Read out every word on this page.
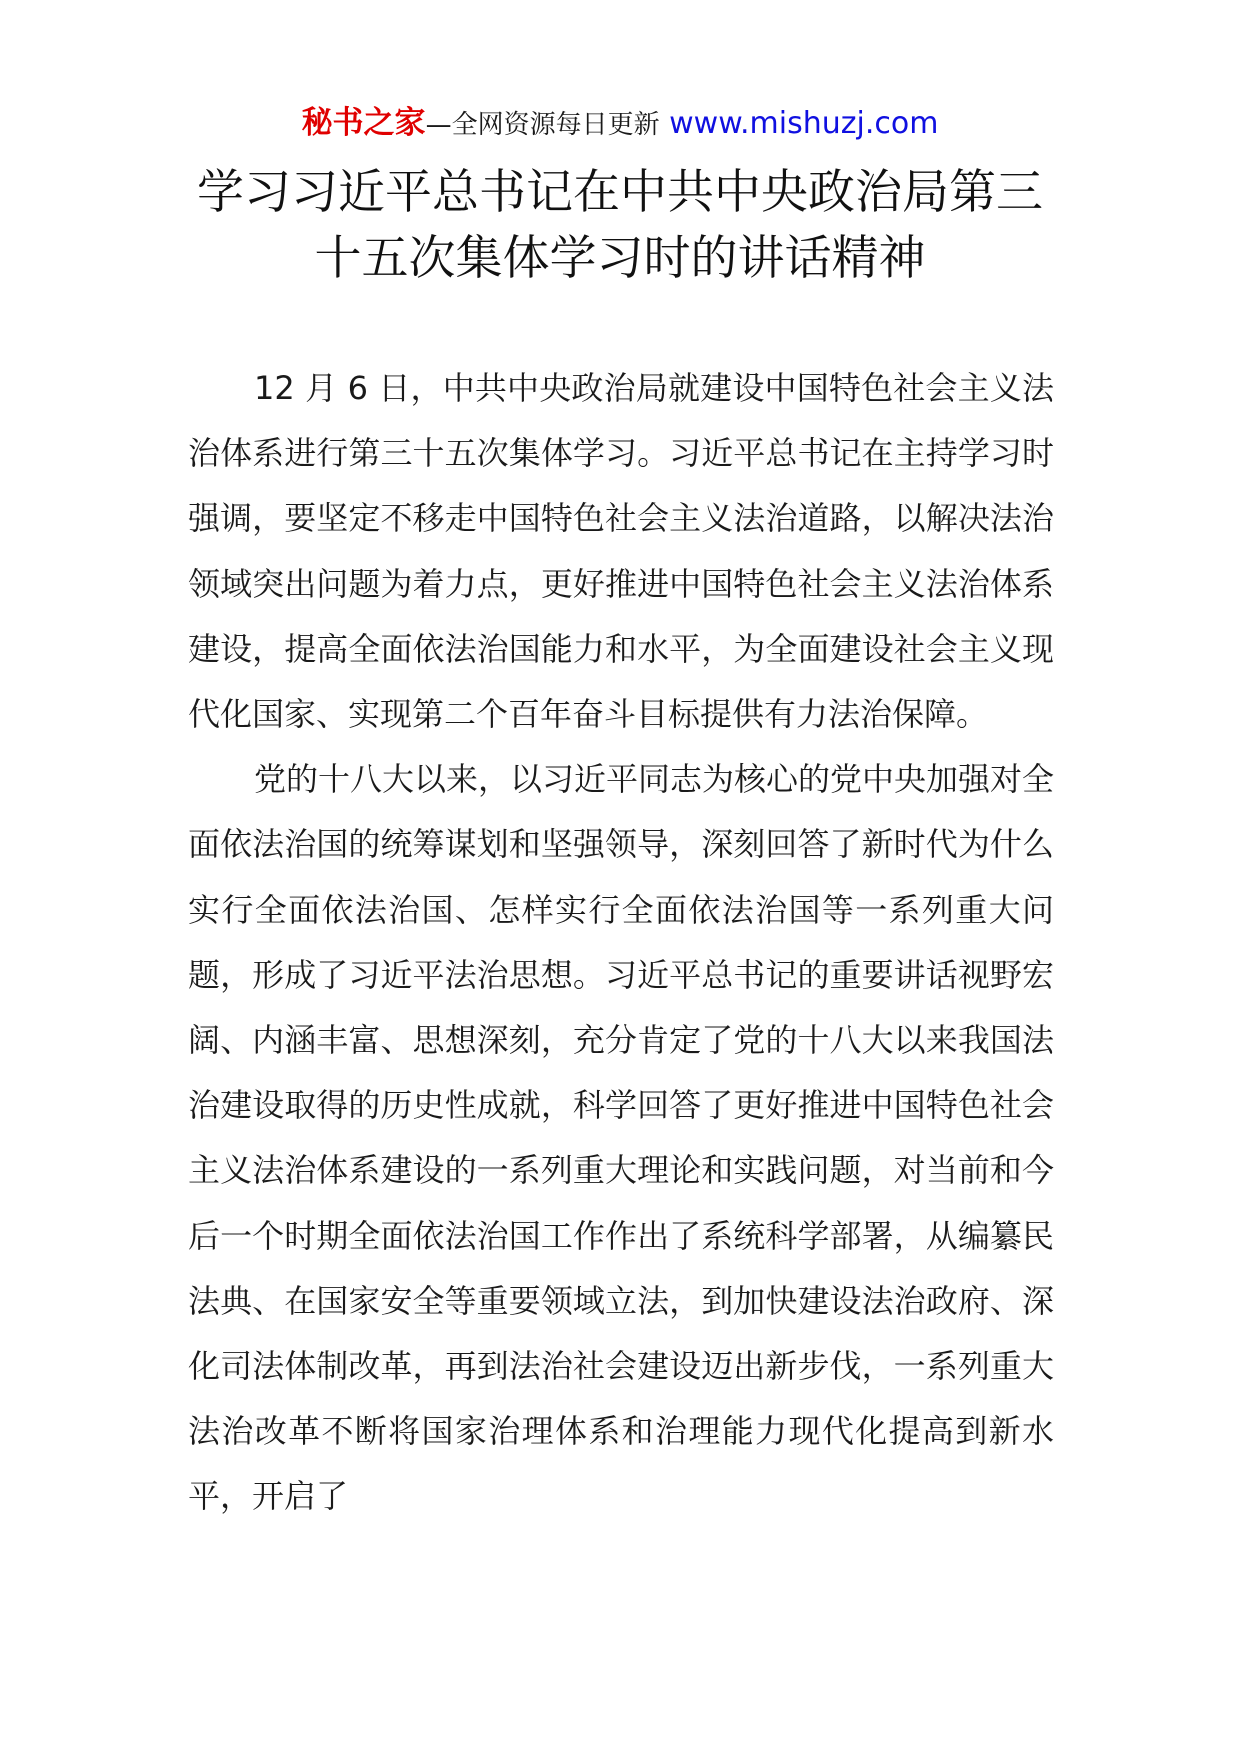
秘书之家—全网资源每日更新 www.mishuzj.com
学习习近平总书记在中共中央政治局第三
十五次集体学习时的讲话精神

12 月 6 日，中共中央政治局就建设中国特色社会主义法治体系进行第三十五次集体学习。习近平总书记在主持学习时强调，要坚定不移走中国特色社会主义法治道路，以解决法治领域突出问题为着力点，更好推进中国特色社会主义法治体系建设，提高全面依法治国能力和水平，为全面建设社会主义现代化国家、实现第二个百年奋斗目标提供有力法治保障。

党的十八大以来，以习近平同志为核心的党中央加强对全面依法治国的统筹谋划和坚强领导，深刻回答了新时代为什么实行全面依法治国、怎样实行全面依法治国等一系列重大问题，形成了习近平法治思想。习近平总书记的重要讲话视野宏阔、内涵丰富、思想深刻，充分肯定了党的十八大以来我国法治建设取得的历史性成就，科学回答了更好推进中国特色社会主义法治体系建设的一系列重大理论和实践问题，对当前和今后一个时期全面依法治国工作作出了系统科学部署，从编纂民法典、在国家安全等重要领域立法，到加快建设法治政府、深化司法体制改革，再到法治社会建设迈出新步伐，一系列重大法治改革不断将国家治理体系和治理能力现代化提高到新水平，开启了
